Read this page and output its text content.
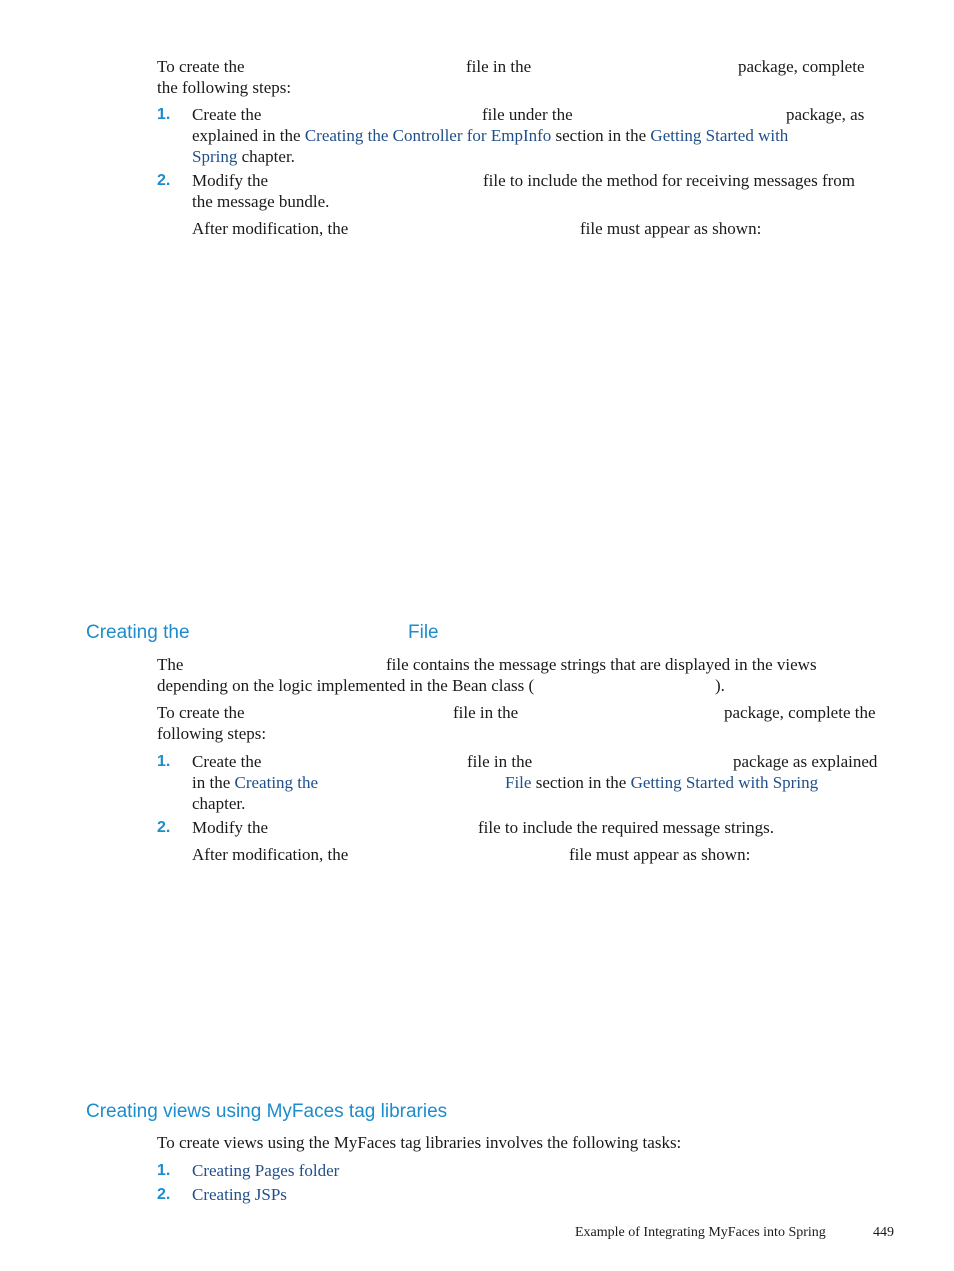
To create the	file in the	package, complete
the following steps:
1. Create the	file under the	package, as
explained in the Creating the Controller for EmpInfo section in the Getting Started with
Spring chapter.
2. Modify the	file to include the method for receiving messages from
the message bundle.
After modification, the	file must appear as shown:
Creating the	File
The	file contains the message strings that are displayed in the views
depending on the logic implemented in the Bean class (	).
To create the	file in the	package, complete the
following steps:
1. Create the	file in the	package as explained
in the Creating the	File section in the Getting Started with Spring
chapter.
2. Modify the	file to include the required message strings.
After modification, the	file must appear as shown:
Creating views using MyFaces tag libraries
To create views using the MyFaces tag libraries involves the following tasks:
1. Creating Pages folder
2. Creating JSPs
Example of Integrating MyFaces into Spring	449
